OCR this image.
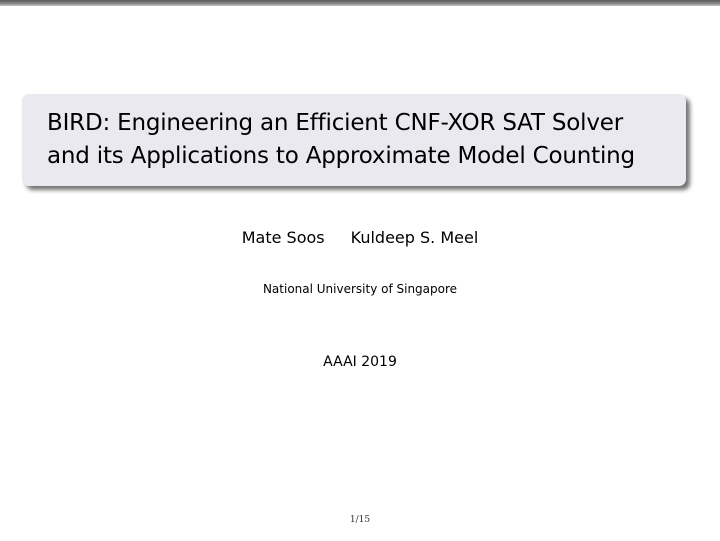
BIRD: Engineering an Efficient CNF-XOR SAT Solver
and its Applications to Approximate Model Counting
Mate Soos Kuldeep S. Meel
National University of Singapore
AAAI 2019
1/15
